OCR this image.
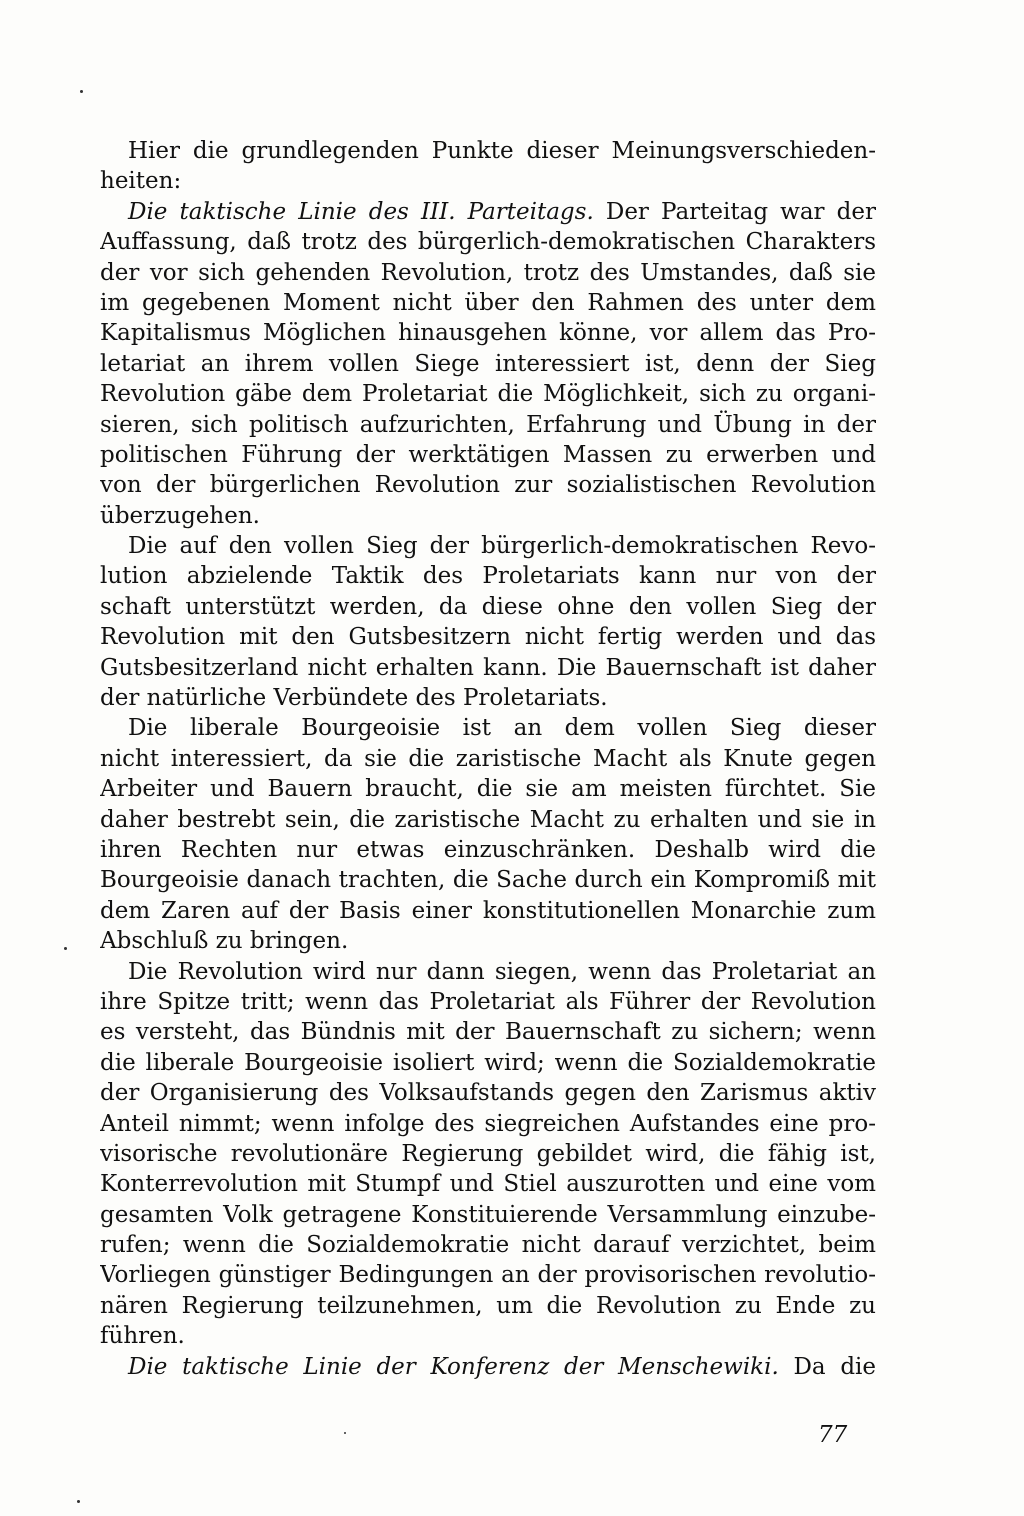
Hier die grundlegenden Punkte dieser Meinungsverschieden-
heiten:
Die taktische Linie des III. Parteitags. Der Parteitag war der
Auffassung, daß trotz des bürgerlich-demokratischen Charakters
der vor sich gehenden Revolution, trotz des Umstandes, daß sie
im gegebenen Moment nicht über den Rahmen des unter dem
Kapitalismus Möglichen hinausgehen könne, vor allem das Pro-
letariat an ihrem vollen Siege interessiert ist, denn der Sieg
Revolution gäbe dem Proletariat die Möglichkeit, sich zu organi-
sieren, sich politisch aufzurichten, Erfahrung und Übung in der
politischen Führung der werktätigen Massen zu erwerben und
von der bürgerlichen Revolution zur sozialistischen Revolution
überzugehen.
Die auf den vollen Sieg der bürgerlich-demokratischen Revo-
lution abzielende Taktik des Proletariats kann nur von der
schaft unterstützt werden, da diese ohne den vollen Sieg der
Revolution mit den Gutsbesitzern nicht fertig werden und das
Gutsbesitzerland nicht erhalten kann. Die Bauernschaft ist daher
der natürliche Verbündete des Proletariats.
Die liberale Bourgeoisie ist an dem vollen Sieg dieser
nicht interessiert, da sie die zaristische Macht als Knute gegen
Arbeiter und Bauern braucht, die sie am meisten fürchtet. Sie
daher bestrebt sein, die zaristische Macht zu erhalten und sie in
ihren Rechten nur etwas einzuschränken. Deshalb wird die
Bourgeoisie danach trachten, die Sache durch ein Kompromiß mit
dem Zaren auf der Basis einer konstitutionellen Monarchie zum
Abschluß zu bringen.
Die Revolution wird nur dann siegen, wenn das Proletariat an
ihre Spitze tritt; wenn das Proletariat als Führer der Revolution
es versteht, das Bündnis mit der Bauernschaft zu sichern; wenn
die liberale Bourgeoisie isoliert wird; wenn die Sozialdemokratie
der Organisierung des Volksaufstands gegen den Zarismus aktiv
Anteil nimmt; wenn infolge des siegreichen Aufstandes eine pro-
visorische revolutionäre Regierung gebildet wird, die fähig ist,
Konterrevolution mit Stumpf und Stiel auszurotten und eine vom
gesamten Volk getragene Konstituierende Versammlung einzube-
rufen; wenn die Sozialdemokratie nicht darauf verzichtet, beim
Vorliegen günstiger Bedingungen an der provisorischen revolutio-
nären Regierung teilzunehmen, um die Revolution zu Ende zu
führen.
Die taktische Linie der Konferenz der Menschewiki. Da die
77
